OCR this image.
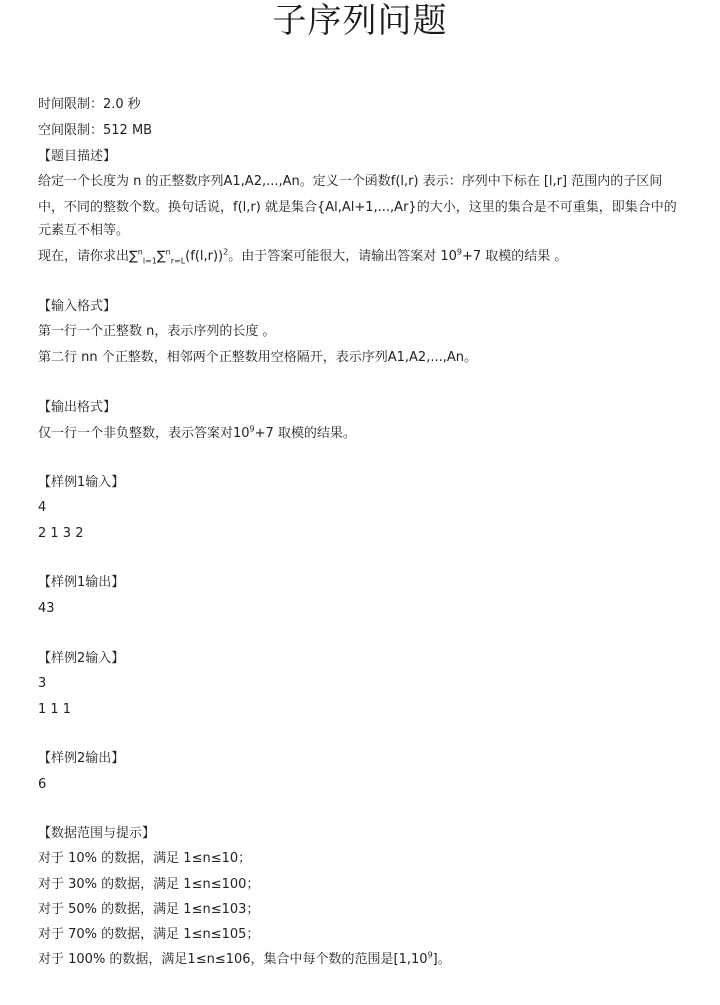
子序列问题
时间限制：2.0 秒
空间限制：512 MB
【题目描述】
给定一个长度为 n 的正整数序列A1,A2,...,An。定义一个函数f(l,r) 表示：序列中下标在 [l,r] 范围内的子区间
中，不同的整数个数。换句话说，f(l,r) 就是集合{Al,Al+1,...,Ar}的大小，这里的集合是不可重集，即集合中的
元素互不相等。
现在，请你求出$\sum^n_{l=1}\sum^n_{r=L}(f(l,r))^2$。由于答案可能很大，请输出答案对 $10^9+7$ 取模的结果 。
【输入格式】
第一行一个正整数 n，表示序列的长度 。
第二行 nn 个正整数，相邻两个正整数用空格隔开，表示序列A1,A2,...,An。
【输出格式】
仅一行一个非负整数，表示答案对$10^9+7$ 取模的结果。
【样例1输入】
4
2 1 3 2
【样例1输出】
43
【样例2输入】
3
1 1 1
【样例2输出】
6
【数据范围与提示】
对于 10% 的数据，满足 1≤n≤10；
对于 30% 的数据，满足 1≤n≤100；
对于 50% 的数据，满足 1≤n≤103；
对于 70% 的数据，满足 1≤n≤105；
对于 100% 的数据，满足1≤n≤106，集合中每个数的范围是[1,10$^9$]。
